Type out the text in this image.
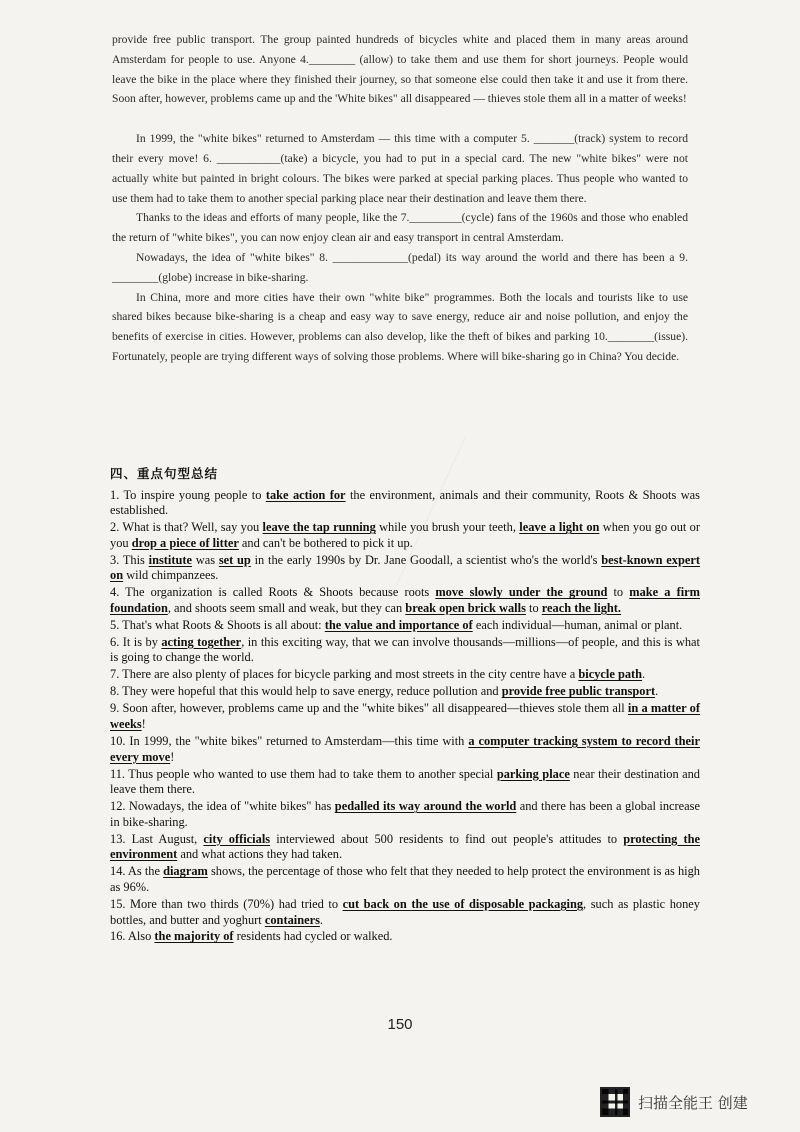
provide free public transport. The group painted hundreds of bicycles white and placed them in many areas around Amsterdam for people to use. Anyone 4.________ (allow) to take them and use them for short journeys. People would leave the bike in the place where they finished their journey, so that someone else could then take it and use it from there. Soon after, however, problems came up and the 'White bikes" all disappeared — thieves stole them all in a matter of weeks!

In 1999, the "white bikes" returned to Amsterdam — this time with a computer 5. _______(track) system to record their every move! 6. ___________(take) a bicycle, you had to put in a special card. The new "white bikes" were not actually white but painted in bright colours. The bikes were parked at special parking places. Thus people who wanted to use them had to take them to another special parking place near their destination and leave them there.

Thanks to the ideas and efforts of many people, like the 7._________(cycle) fans of the 1960s and those who enabled the return of "white bikes", you can now enjoy clean air and easy transport in central Amsterdam.

Nowadays, the idea of "white bikes" 8. _____________(pedal) its way around the world and there has been a 9. ________(globe) increase in bike-sharing.

In China, more and more cities have their own "white bike" programmes. Both the locals and tourists like to use shared bikes because bike-sharing is a cheap and easy way to save energy, reduce air and noise pollution, and enjoy the benefits of exercise in cities. However, problems can also develop, like the theft of bikes and parking 10.________(issue). Fortunately, people are trying different ways of solving those problems. Where will bike-sharing go in China? You decide.

四、重点句型总结
1. To inspire young people to take action for the environment, animals and their community, Roots & Shoots was established.
2. What is that? Well, say you leave the tap running while you brush your teeth, leave a light on when you go out or you drop a piece of litter and can't be bothered to pick it up.
3. This institute was set up in the early 1990s by Dr. Jane Goodall, a scientist who's the world's best-known expert on wild chimpanzees.
4. The organization is called Roots & Shoots because roots move slowly under the ground to make a firm foundation, and shoots seem small and weak, but they can break open brick walls to reach the light.
5. That's what Roots & Shoots is all about: the value and importance of each individual—human, animal or plant.
6. It is by acting together, in this exciting way, that we can involve thousands—millions—of people, and this is what is going to change the world.
7. There are also plenty of places for bicycle parking and most streets in the city centre have a bicycle path.
8. They were hopeful that this would help to save energy, reduce pollution and provide free public transport.
9. Soon after, however, problems came up and the "white bikes" all disappeared—thieves stole them all in a matter of weeks!
10. In 1999, the "white bikes" returned to Amsterdam—this time with a computer tracking system to record their every move!
11. Thus people who wanted to use them had to take them to another special parking place near their destination and leave them there.
12. Nowadays, the idea of "white bikes" has pedalled its way around the world and there has been a global increase in bike-sharing.
13. Last August, city officials interviewed about 500 residents to find out people's attitudes to protecting the environment and what actions they had taken.
14. As the diagram shows, the percentage of those who felt that they needed to help protect the environment is as high as 96%.
15. More than two thirds (70%) had tried to cut back on the use of disposable packaging, such as plastic honey bottles, and butter and yoghurt containers.
16. Also the majority of residents had cycled or walked.
150
扫描全能王 创建
